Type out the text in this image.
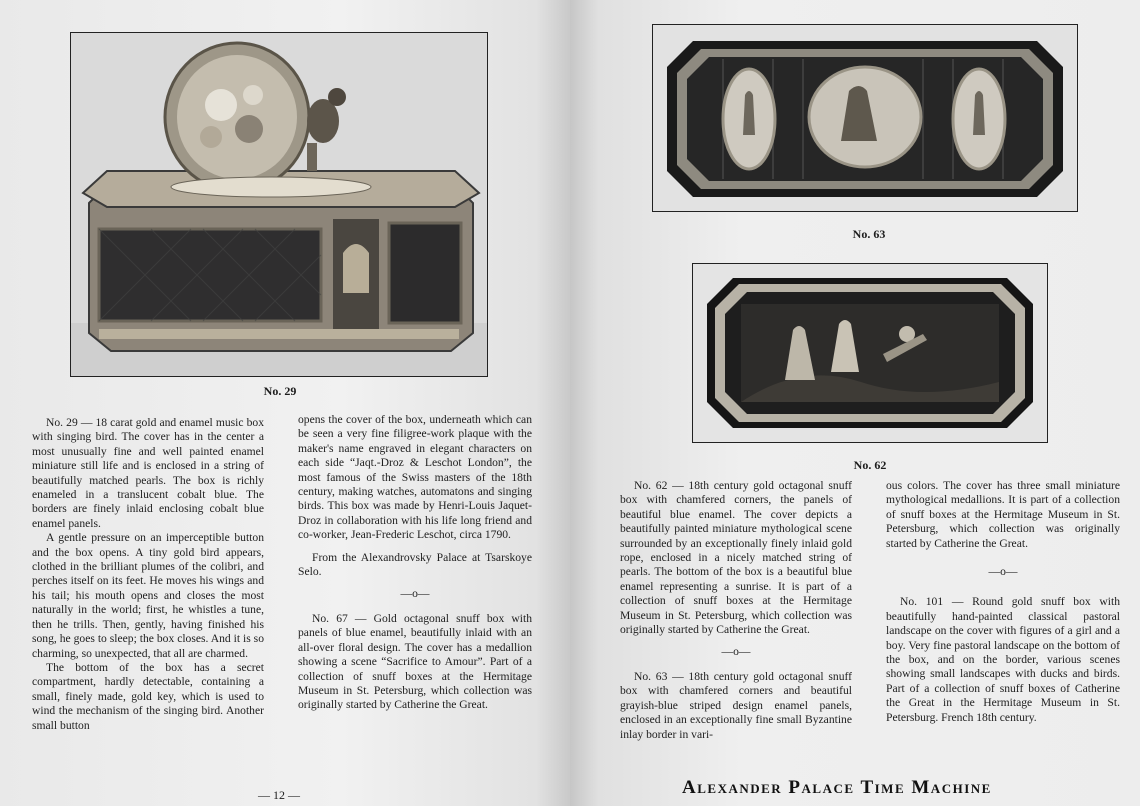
No. 29

No. 29 — 18 carat gold and enamel music box with singing bird. The cover has in the center a most unusually fine and well painted enamel miniature still life and is enclosed in a string of beautifully matched pearls. The box is richly enameled in a translucent cobalt blue. The borders are finely inlaid enclosing cobalt blue enamel panels.

A gentle pressure on an imperceptible button and the box opens. A tiny gold bird appears, clothed in the brilliant plumes of the colibri, and perches itself on its feet. He moves his wings and his tail; his mouth opens and closes the most naturally in the world; first, he whistles a tune, then he trills. Then, gently, having finished his song, he goes to sleep; the box closes. And it is so charming, so unexpected, that all are charmed.

The bottom of the box has a secret compartment, hardly detectable, containing a small, finely made, gold key, which is used to wind the mechanism of the singing bird. Another small button

opens the cover of the box, underneath which can be seen a very fine filigree-work plaque with the maker's name engraved in elegant characters on each side “Jaqt.-Droz & Leschot London”, the most famous of the Swiss masters of the 18th century, making watches, automatons and singing birds. This box was made by Henri-Louis Jaquet-Droz in collaboration with his life long friend and co-worker, Jean-Frederic Leschot, circa 1790.

From the Alexandrovsky Palace at Tsarskoye Selo.

—o—

No. 67 — Gold octagonal snuff box with panels of blue enamel, beautifully inlaid with an all-over floral design. The cover has a medallion showing a scene “Sacrifice to Amour”. Part of a collection of snuff boxes at the Hermitage Museum in St. Petersburg, which collection was originally started by Catherine the Great.

— 12 —
No. 63
No. 62

No. 62 — 18th century gold octagonal snuff box with chamfered corners, the panels of beautiful blue enamel. The cover depicts a beautifully painted miniature mythological scene surrounded by an exceptionally finely inlaid gold rope, enclosed in a nicely matched string of pearls. The bottom of the box is a beautiful blue enamel representing a sunrise. It is part of a collection of snuff boxes at the Hermitage Museum in St. Petersburg, which collection was originally started by Catherine the Great.

—o—

No. 63 — 18th century gold octagonal snuff box with chamfered corners and beautiful grayish-blue striped design enamel panels, enclosed in an exceptionally fine small Byzantine inlay border in vari-

ous colors. The cover has three small miniature mythological medallions. It is part of a collection of snuff boxes at the Hermitage Museum in St. Petersburg, which collection was originally started by Catherine the Great.

—o—

No. 101 — Round gold snuff box with beautifully hand-painted classical pastoral landscape on the cover with figures of a girl and a boy. Very fine pastoral landscape on the bottom of the box, and on the border, various scenes showing small landscapes with ducks and birds. Part of a collection of snuff boxes of Catherine the Great in the Hermitage Museum in St. Petersburg. French 18th century.

Alexander Palace Time Machine
